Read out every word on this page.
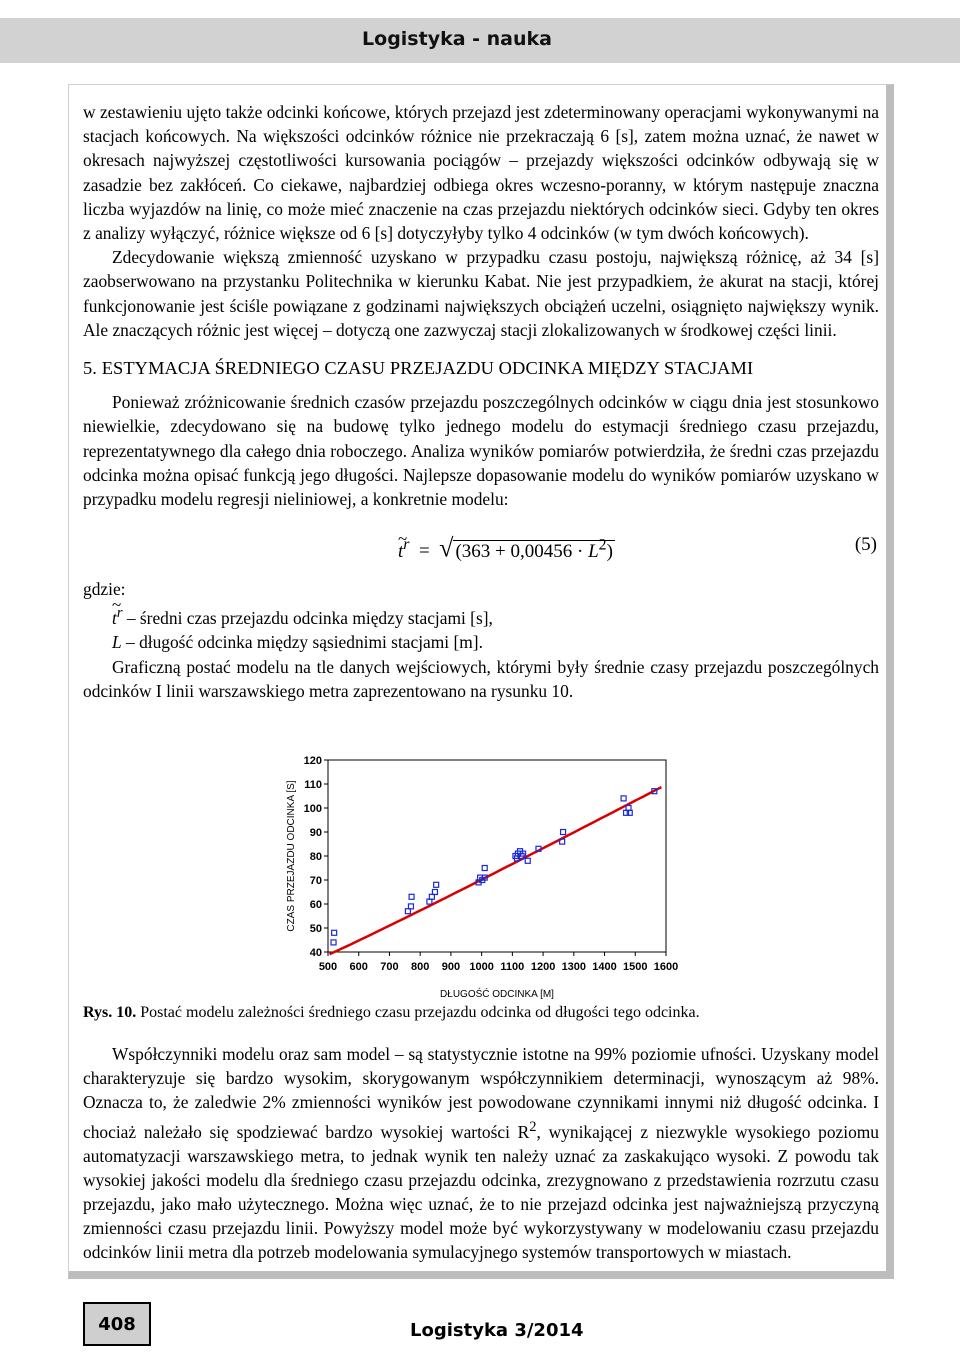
Logistyka - nauka

w zestawieniu ujęto także odcinki końcowe, których przejazd jest zdeterminowany operacjami wykonywanymi na stacjach końcowych. Na większości odcinków różnice nie przekraczają 6 [s], zatem można uznać, że nawet w okresach najwyższej częstotliwości kursowania pociągów – przejazdy większości odcinków odbywają się w zasadzie bez zakłóceń. Co ciekawe, najbardziej odbiega okres wczesno-poranny, w którym następuje znaczna liczba wyjazdów na linię, co może mieć znaczenie na czas przejazdu niektórych odcinków sieci. Gdyby ten okres z analizy wyłączyć, różnice większe od 6 [s] dotyczyłyby tylko 4 odcinków (w tym dwóch końcowych).

Zdecydowanie większą zmienność uzyskano w przypadku czasu postoju, największą różnicę, aż 34 [s] zaobserwowano na przystanku Politechnika w kierunku Kabat. Nie jest przypadkiem, że akurat na stacji, której funkcjonowanie jest ściśle powiązane z godzinami największych obciążeń uczelni, osiągnięto największy wynik. Ale znaczących różnic jest więcej – dotyczą one zazwyczaj stacji zlokalizowanych w środkowej części linii.

5. ESTYMACJA ŚREDNIEGO CZASU PRZEJAZDU ODCINKA MIĘDZY STACJAMI

Ponieważ zróżnicowanie średnich czasów przejazdu poszczególnych odcinków w ciągu dnia jest stosunkowo niewielkie, zdecydowano się na budowę tylko jednego modelu do estymacji średniego czasu przejazdu, reprezentatywnego dla całego dnia roboczego. Analiza wyników pomiarów potwierdziła, że średni czas przejazdu odcinka można opisać funkcją jego długości. Najlepsze dopasowanie modelu do wyników pomiarów uzyskano w przypadku modelu regresji nieliniowej, a konkretnie modelu:

~ $t^r$ = √ $(363 + 0,00456 \cdot L^2)$	(5)

gdzie:

~ $t^r$ – średni czas przejazdu odcinka między stacjami [s],

L – długość odcinka między sąsiednimi stacjami [m].

Graficzną postać modelu na tle danych wejściowych, którymi były średnie czasy przejazdu poszczególnych odcinków I linii warszawskiego metra zaprezentowano na rysunku 10.

40
50
60
70
80
90
100
110
120
500 600 700 800 900 1000 1100 1200 1300 1400 1500 1600
DŁUGOŚĆ ODCINKA [M]
CZAS PRZEJAZDU ODCINKA [S]
Rys. 10. Postać modelu zależności średniego czasu przejazdu odcinka od długości tego odcinka.

Współczynniki modelu oraz sam model – są statystycznie istotne na 99% poziomie ufności. Uzyskany model charakteryzuje się bardzo wysokim, skorygowanym współczynnikiem determinacji, wynoszącym aż 98%. Oznacza to, że zaledwie 2% zmienności wyników jest powodowane czynnikami innymi niż długość odcinka. I chociaż należało się spodziewać bardzo wysokiej wartości $R^2$, wynikającej z niezwykle wysokiego poziomu automatyzacji warszawskiego metra, to jednak wynik ten należy uznać za zaskakująco wysoki. Z powodu tak wysokiej jakości modelu dla średniego czasu przejazdu odcinka, zrezygnowano z przedstawienia rozrzutu czasu przejazdu, jako mało użytecznego. Można więc uznać, że to nie przejazd odcinka jest najważniejszą przyczyną zmienności czasu przejazdu linii. Powyższy model może być wykorzystywany w modelowaniu czasu przejazdu odcinków linii metra dla potrzeb modelowania symulacyjnego systemów transportowych w miastach.

408	Logistyka 3/2014
